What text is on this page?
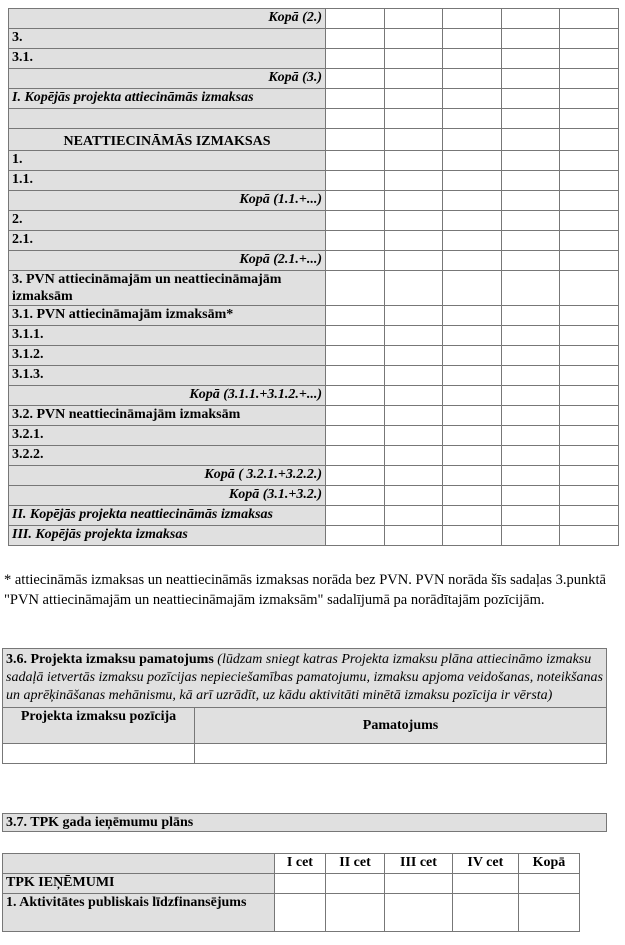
Kopā (2.)					
3.					
3.1.					
Kopā (3.)					
I. Kopējās projekta attiecināmās izmaksas					

NEATTIECINĀMĀS IZMAKSAS					
1.					
1.1.					
Kopā (1.1.+...)					
2.					
2.1.					
Kopā (2.1.+...)					
3. PVN attiecināmajām un neattiecināmajām izmaksām					
3.1. PVN attiecināmajām izmaksām*					
3.1.1.					
3.1.2.					
3.1.3.					
Kopā (3.1.1.+3.1.2.+...)					
3.2. PVN neattiecināmajām izmaksām					
3.2.1.					
3.2.2.					
Kopā ( 3.2.1.+3.2.2.)					
Kopā (3.1.+3.2.)					
II. Kopējās projekta neattiecināmās izmaksas					
III. Kopējās projekta izmaksas					
* attiecināmās izmaksas un neattiecināmās izmaksas norāda bez PVN. PVN norāda šīs sadaļas 3.punktā "PVN attiecināmajām un neattiecināmajām izmaksām" sadalījumā pa norādītajām pozīcijām.
3.6. Projekta izmaksu pamatojums (lūdzam sniegt katras Projekta izmaksu plāna attiecināmo izmaksu sadaļā ietvertās izmaksu pozīcijas nepieciešamības pamatojumu, izmaksu apjoma veidošanas, noteikšanas un aprēķināšanas mehānismu, kā arī uzrādīt, uz kādu aktivitāti minētā izmaksu pozīcija ir vērsta)	
Projekta izmaksu pozīcija	Pamatojums

3.7. TPK gada ieņēmumu plāns
	I cet	II cet	III cet	IV cet	Kopā
TPK IEŅĒMUMI					
1. Aktivitātes publiskais līdzfinansējums					
